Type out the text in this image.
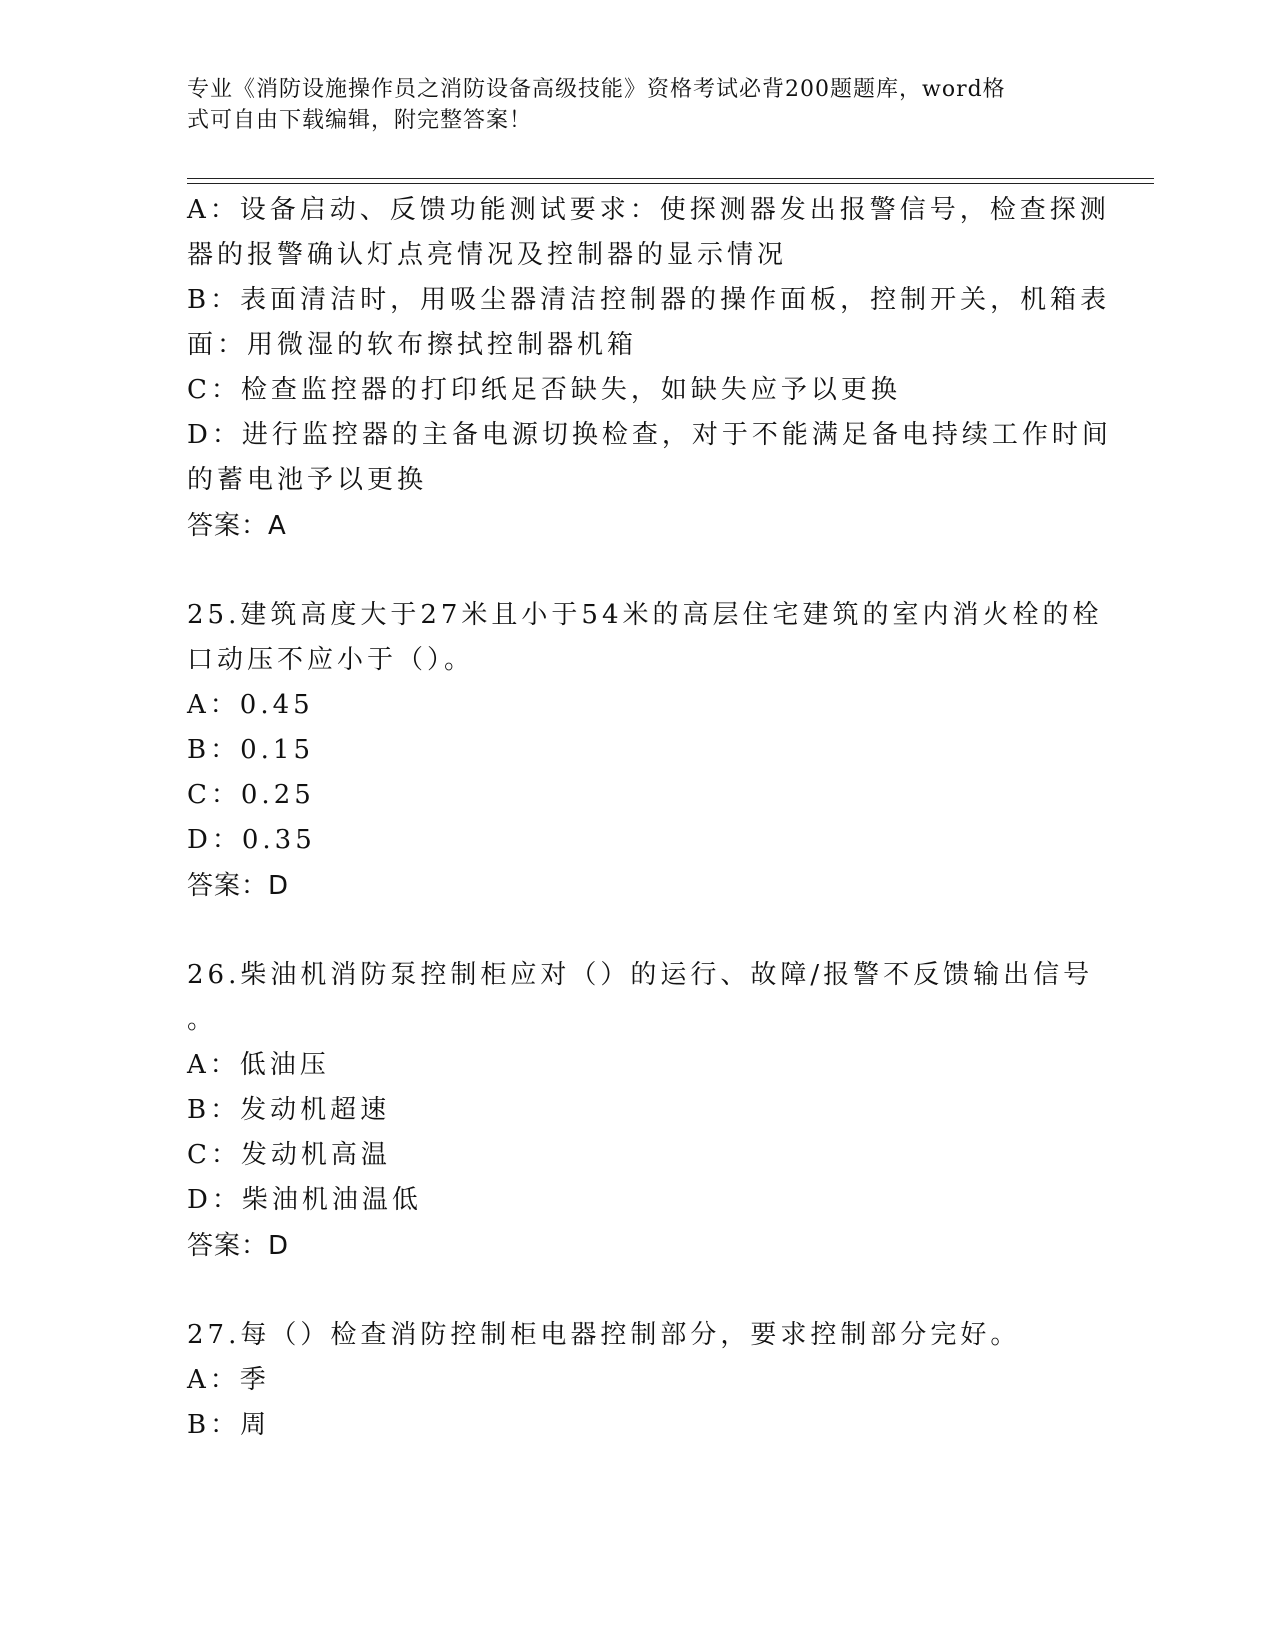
专业《消防设施操作员之消防设备高级技能》资格考试必背200题题库，word格
式可自由下载编辑，附完整答案！
A：设备启动、反馈功能测试要求：使探测器发出报警信号，检查探测
器的报警确认灯点亮情况及控制器的显示情况
B：表面清洁时，用吸尘器清洁控制器的操作面板，控制开关，机箱表
面：用微湿的软布擦拭控制器机箱
C：检查监控器的打印纸足否缺失，如缺失应予以更换
D：进行监控器的主备电源切换检查，对于不能满足备电持续工作时间
的蓄电池予以更换
答案：A
25.建筑高度大于27米且小于54米的高层住宅建筑的室内消火栓的栓
口动压不应小于（）。
A：0.45
B：0.15
C：0.25
D：0.35
答案：D
26.柴油机消防泵控制柜应对（）的运行、故障/报警不反馈输出信号
。
A：低油压
B：发动机超速
C：发动机高温
D：柴油机油温低
答案：D
27.每（）检查消防控制柜电器控制部分，要求控制部分完好。
A：季
B：周
